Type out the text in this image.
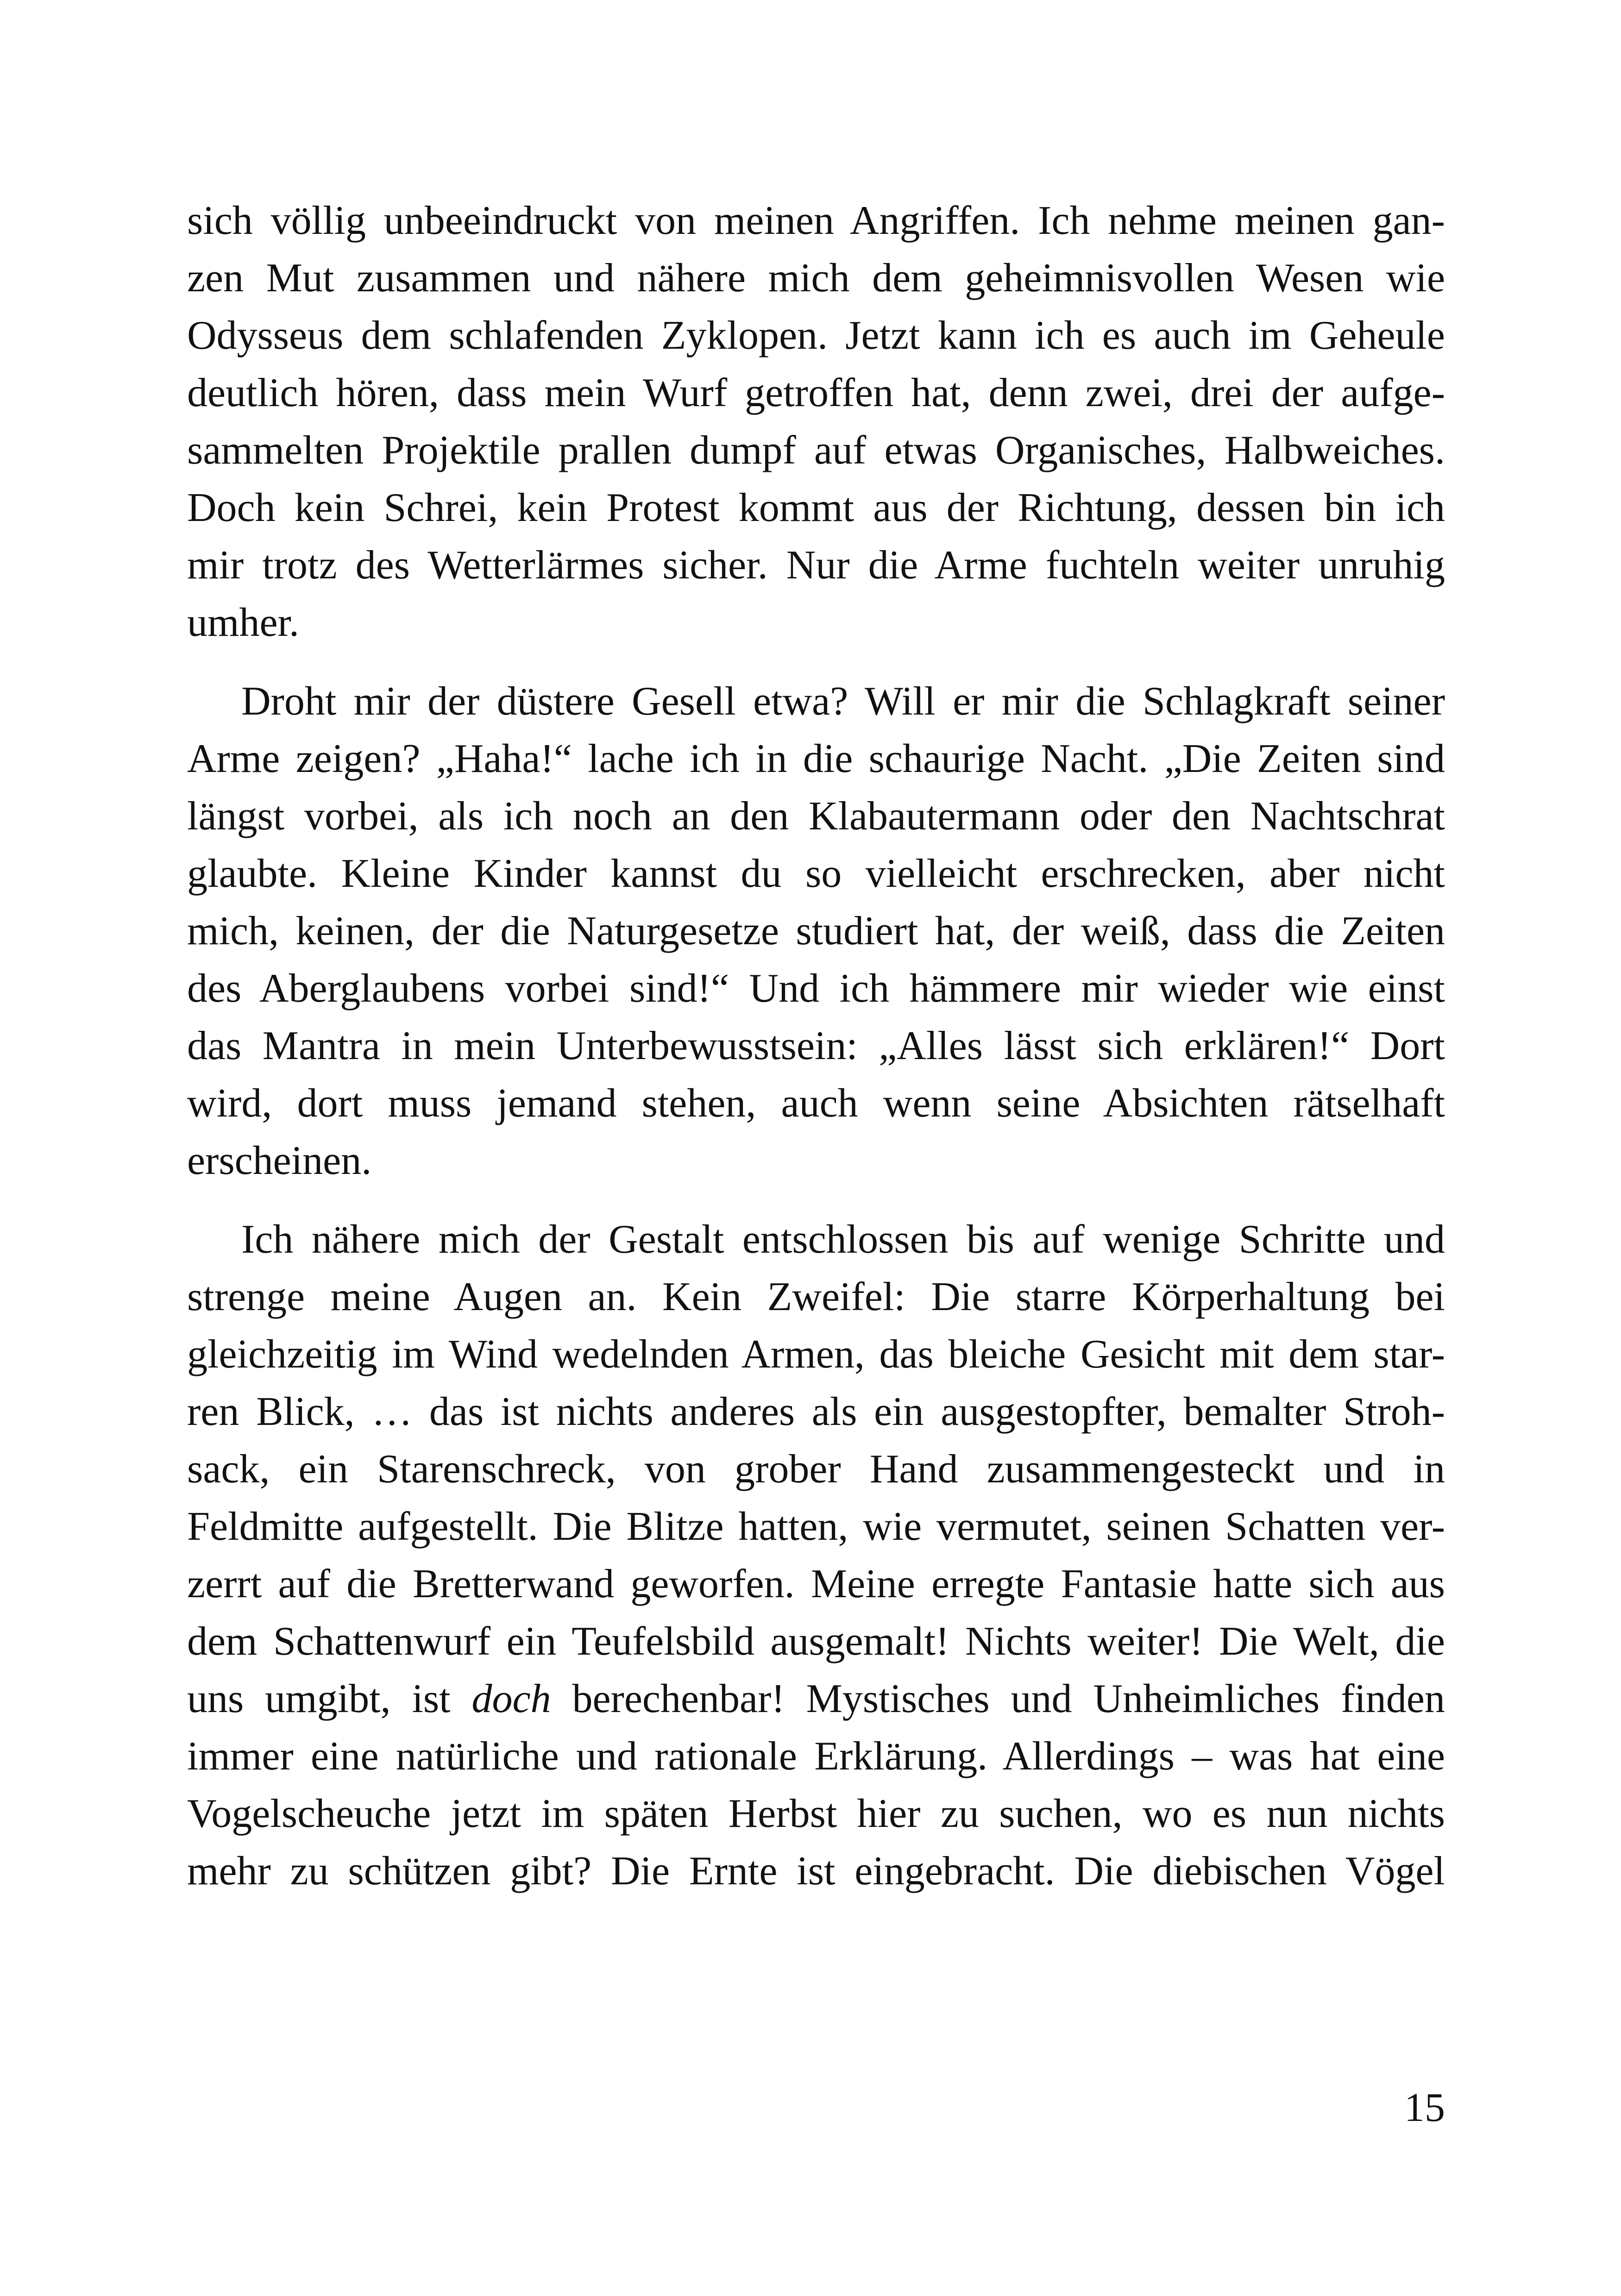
sich völlig unbeeindruckt von meinen Angriffen. Ich nehme meinen gan-
zen Mut zusammen und nähere mich dem geheimnisvollen Wesen wie
Odysseus dem schlafenden Zyklopen. Jetzt kann ich es auch im Geheule
deutlich hören, dass mein Wurf getroffen hat, denn zwei, drei der aufge-
sammelten Projektile prallen dumpf auf etwas Organisches, Halbweiches.
Doch kein Schrei, kein Protest kommt aus der Richtung, dessen bin ich
mir trotz des Wetterlärmes sicher. Nur die Arme fuchteln weiter unruhig
umher.

Droht mir der düstere Gesell etwa? Will er mir die Schlagkraft seiner
Arme zeigen? „Haha!“ lache ich in die schaurige Nacht. „Die Zeiten sind
längst vorbei, als ich noch an den Klabautermann oder den Nachtschrat
glaubte. Kleine Kinder kannst du so vielleicht erschrecken, aber nicht
mich, keinen, der die Naturgesetze studiert hat, der weiß, dass die Zeiten
des Aberglaubens vorbei sind!“ Und ich hämmere mir wieder wie einst
das Mantra in mein Unterbewusstsein: „Alles lässt sich erklären!“ Dort
wird, dort muss jemand stehen, auch wenn seine Absichten rätselhaft
erscheinen.

Ich nähere mich der Gestalt entschlossen bis auf wenige Schritte und
strenge meine Augen an. Kein Zweifel: Die starre Körperhaltung bei
gleichzeitig im Wind wedelnden Armen, das bleiche Gesicht mit dem star-
ren Blick, … das ist nichts anderes als ein ausgestopfter, bemalter Stroh-
sack, ein Starenschreck, von grober Hand zusammengesteckt und in
Feldmitte aufgestellt. Die Blitze hatten, wie vermutet, seinen Schatten ver-
zerrt auf die Bretterwand geworfen. Meine erregte Fantasie hatte sich aus
dem Schattenwurf ein Teufelsbild ausgemalt! Nichts weiter! Die Welt, die
uns umgibt, ist doch berechenbar! Mystisches und Unheimliches finden
immer eine natürliche und rationale Erklärung. Allerdings – was hat eine
Vogelscheuche jetzt im späten Herbst hier zu suchen, wo es nun nichts
mehr zu schützen gibt? Die Ernte ist eingebracht. Die diebischen Vögel

15
